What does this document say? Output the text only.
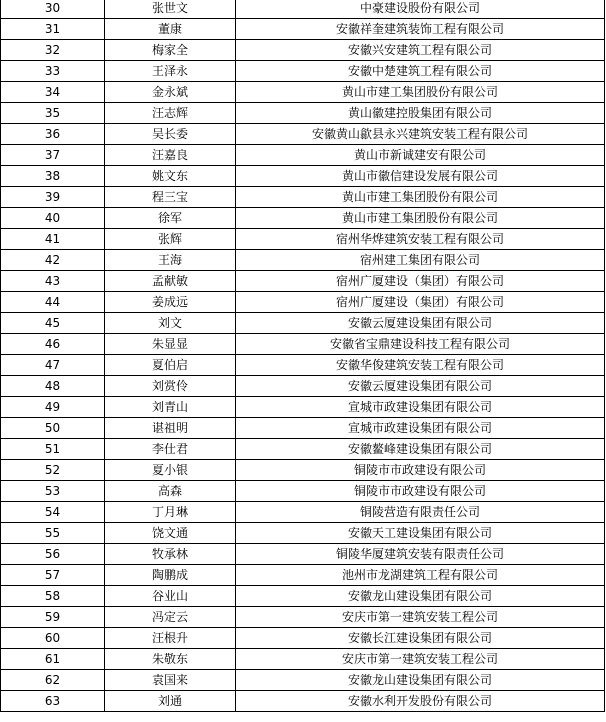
30	张世文	中豪建设股份有限公司
31	董康	安徽祥奎建筑装饰工程有限公司
32	梅家全	安徽兴安建筑工程有限公司
33	王泽永	安徽中楚建筑工程有限公司
34	金永斌	黄山市建工集团股份有限公司
35	汪志辉	黄山徽建控股集团有限公司
36	吴长委	安徽黄山歙县永兴建筑安装工程有限公司
37	汪嘉良	黄山市新诚建安有限公司
38	姚文东	黄山市徽信建设发展有限公司
39	程三宝	黄山市建工集团股份有限公司
40	徐军	黄山市建工集团股份有限公司
41	张辉	宿州华烨建筑安装工程有限公司
42	王海	宿州建工集团有限公司
43	孟献敏	宿州广厦建设（集团）有限公司
44	姜成远	宿州广厦建设（集团）有限公司
45	刘文	安徽云厦建设集团有限公司
46	朱显显	安徽省宝鼎建设科技工程有限公司
47	夏伯启	安徽华俊建筑安装工程有限公司
48	刘赏伶	安徽云厦建设集团有限公司
49	刘青山	宣城市政建设集团有限公司
50	谌祖明	宣城市政建设集团有限公司
51	李仕君	安徽鳌峰建设集团有限公司
52	夏小银	铜陵市市政建设有限公司
53	高森	铜陵市市政建设有限公司
54	丁月琳	铜陵营造有限责任公司
55	饶文通	安徽天工建设集团有限公司
56	牧承林	铜陵华厦建筑安装有限责任公司
57	陶鹏成	池州市龙湖建筑工程有限公司
58	谷业山	安徽龙山建设集团有限公司
59	冯定云	安庆市第一建筑安装工程公司
60	汪根升	安徽长江建设集团有限公司
61	朱敬东	安庆市第一建筑安装工程公司
62	袁国来	安徽龙山建设集团有限公司
63	刘通	安徽水利开发股份有限公司
